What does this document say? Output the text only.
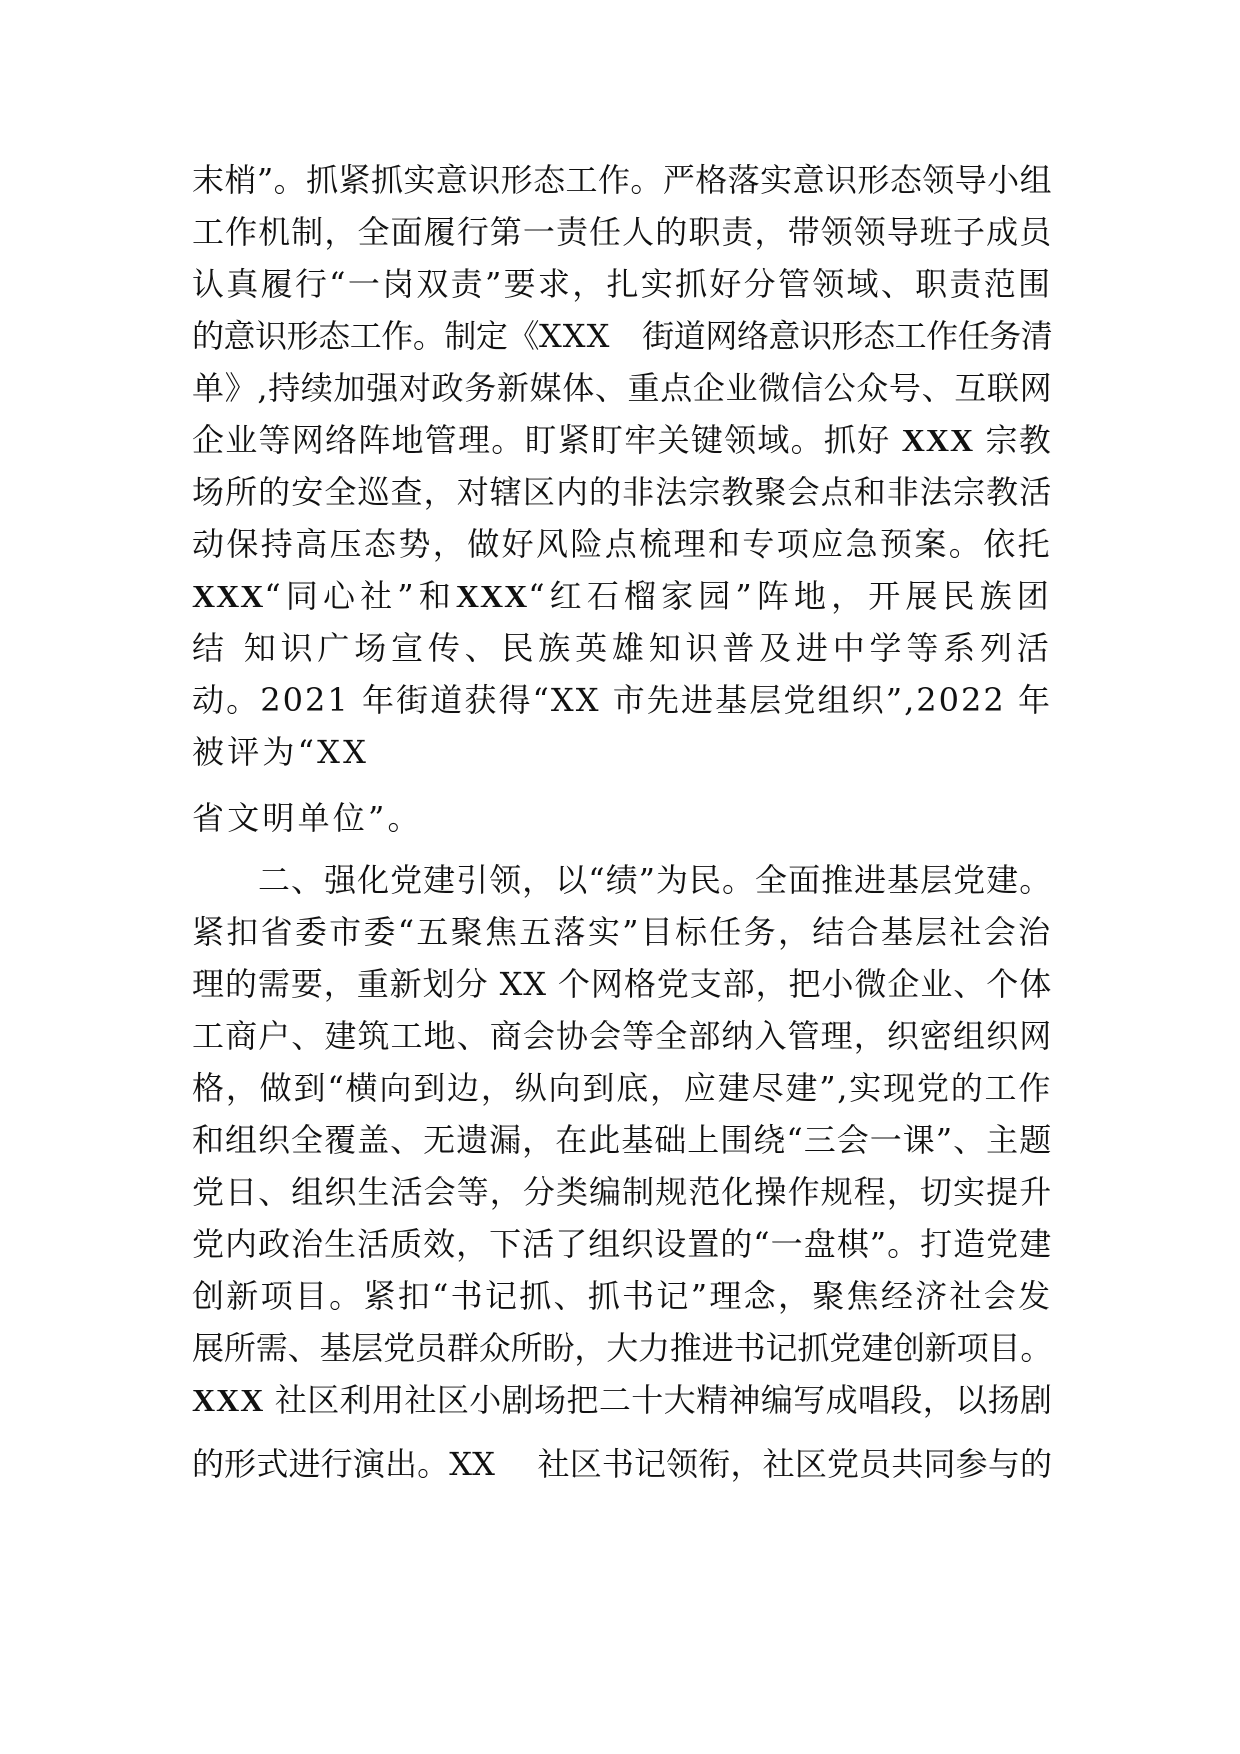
末梢”。抓紧抓实意识形态工作。严格落实意识形态领导小组
工作机制，全面履行第一责任人的职责，带领领导班子成员
认真履行“一岗双责”要求，扎实抓好分管领域、职责范围
的意识形态工作。制定《XXX　街道网络意识形态工作任务清
单》,持续加强对政务新媒体、重点企业微信公众号、互联网
企业等网络阵地管理。盯紧盯牢关键领域。抓好 XXX 宗教
场所的安全巡查，对辖区内的非法宗教聚会点和非法宗教活
动保持高压态势，做好风险点梳理和专项应急预案。依托
XXX“同心社”和XXX“红石榴家园”阵地，开展民族团
结 知识广场宣传、民族英雄知识普及进中学等系列活
动。2021 年街道获得“XX 市先进基层党组织”,2022 年
被评为“XX
省文明单位”。
　　二、强化党建引领，以“绩”为民。全面推进基层党建。
紧扣省委市委“五聚焦五落实”目标任务，结合基层社会治
理的需要，重新划分 XX 个网格党支部，把小微企业、个体
工商户、建筑工地、商会协会等全部纳入管理，织密组织网
格，做到“横向到边，纵向到底，应建尽建”,实现党的工作
和组织全覆盖、无遗漏，在此基础上围绕“三会一课”、主题
党日、组织生活会等，分类编制规范化操作规程，切实提升
党内政治生活质效，下活了组织设置的“一盘棋”。打造党建
创新项目。紧扣“书记抓、抓书记”理念，聚焦经济社会发
展所需、基层党员群众所盼，大力推进书记抓党建创新项目。
XXX 社区利用社区小剧场把二十大精神编写成唱段，以扬剧
的形式进行演出。XX　 社区书记领衔，社区党员共同参与的
